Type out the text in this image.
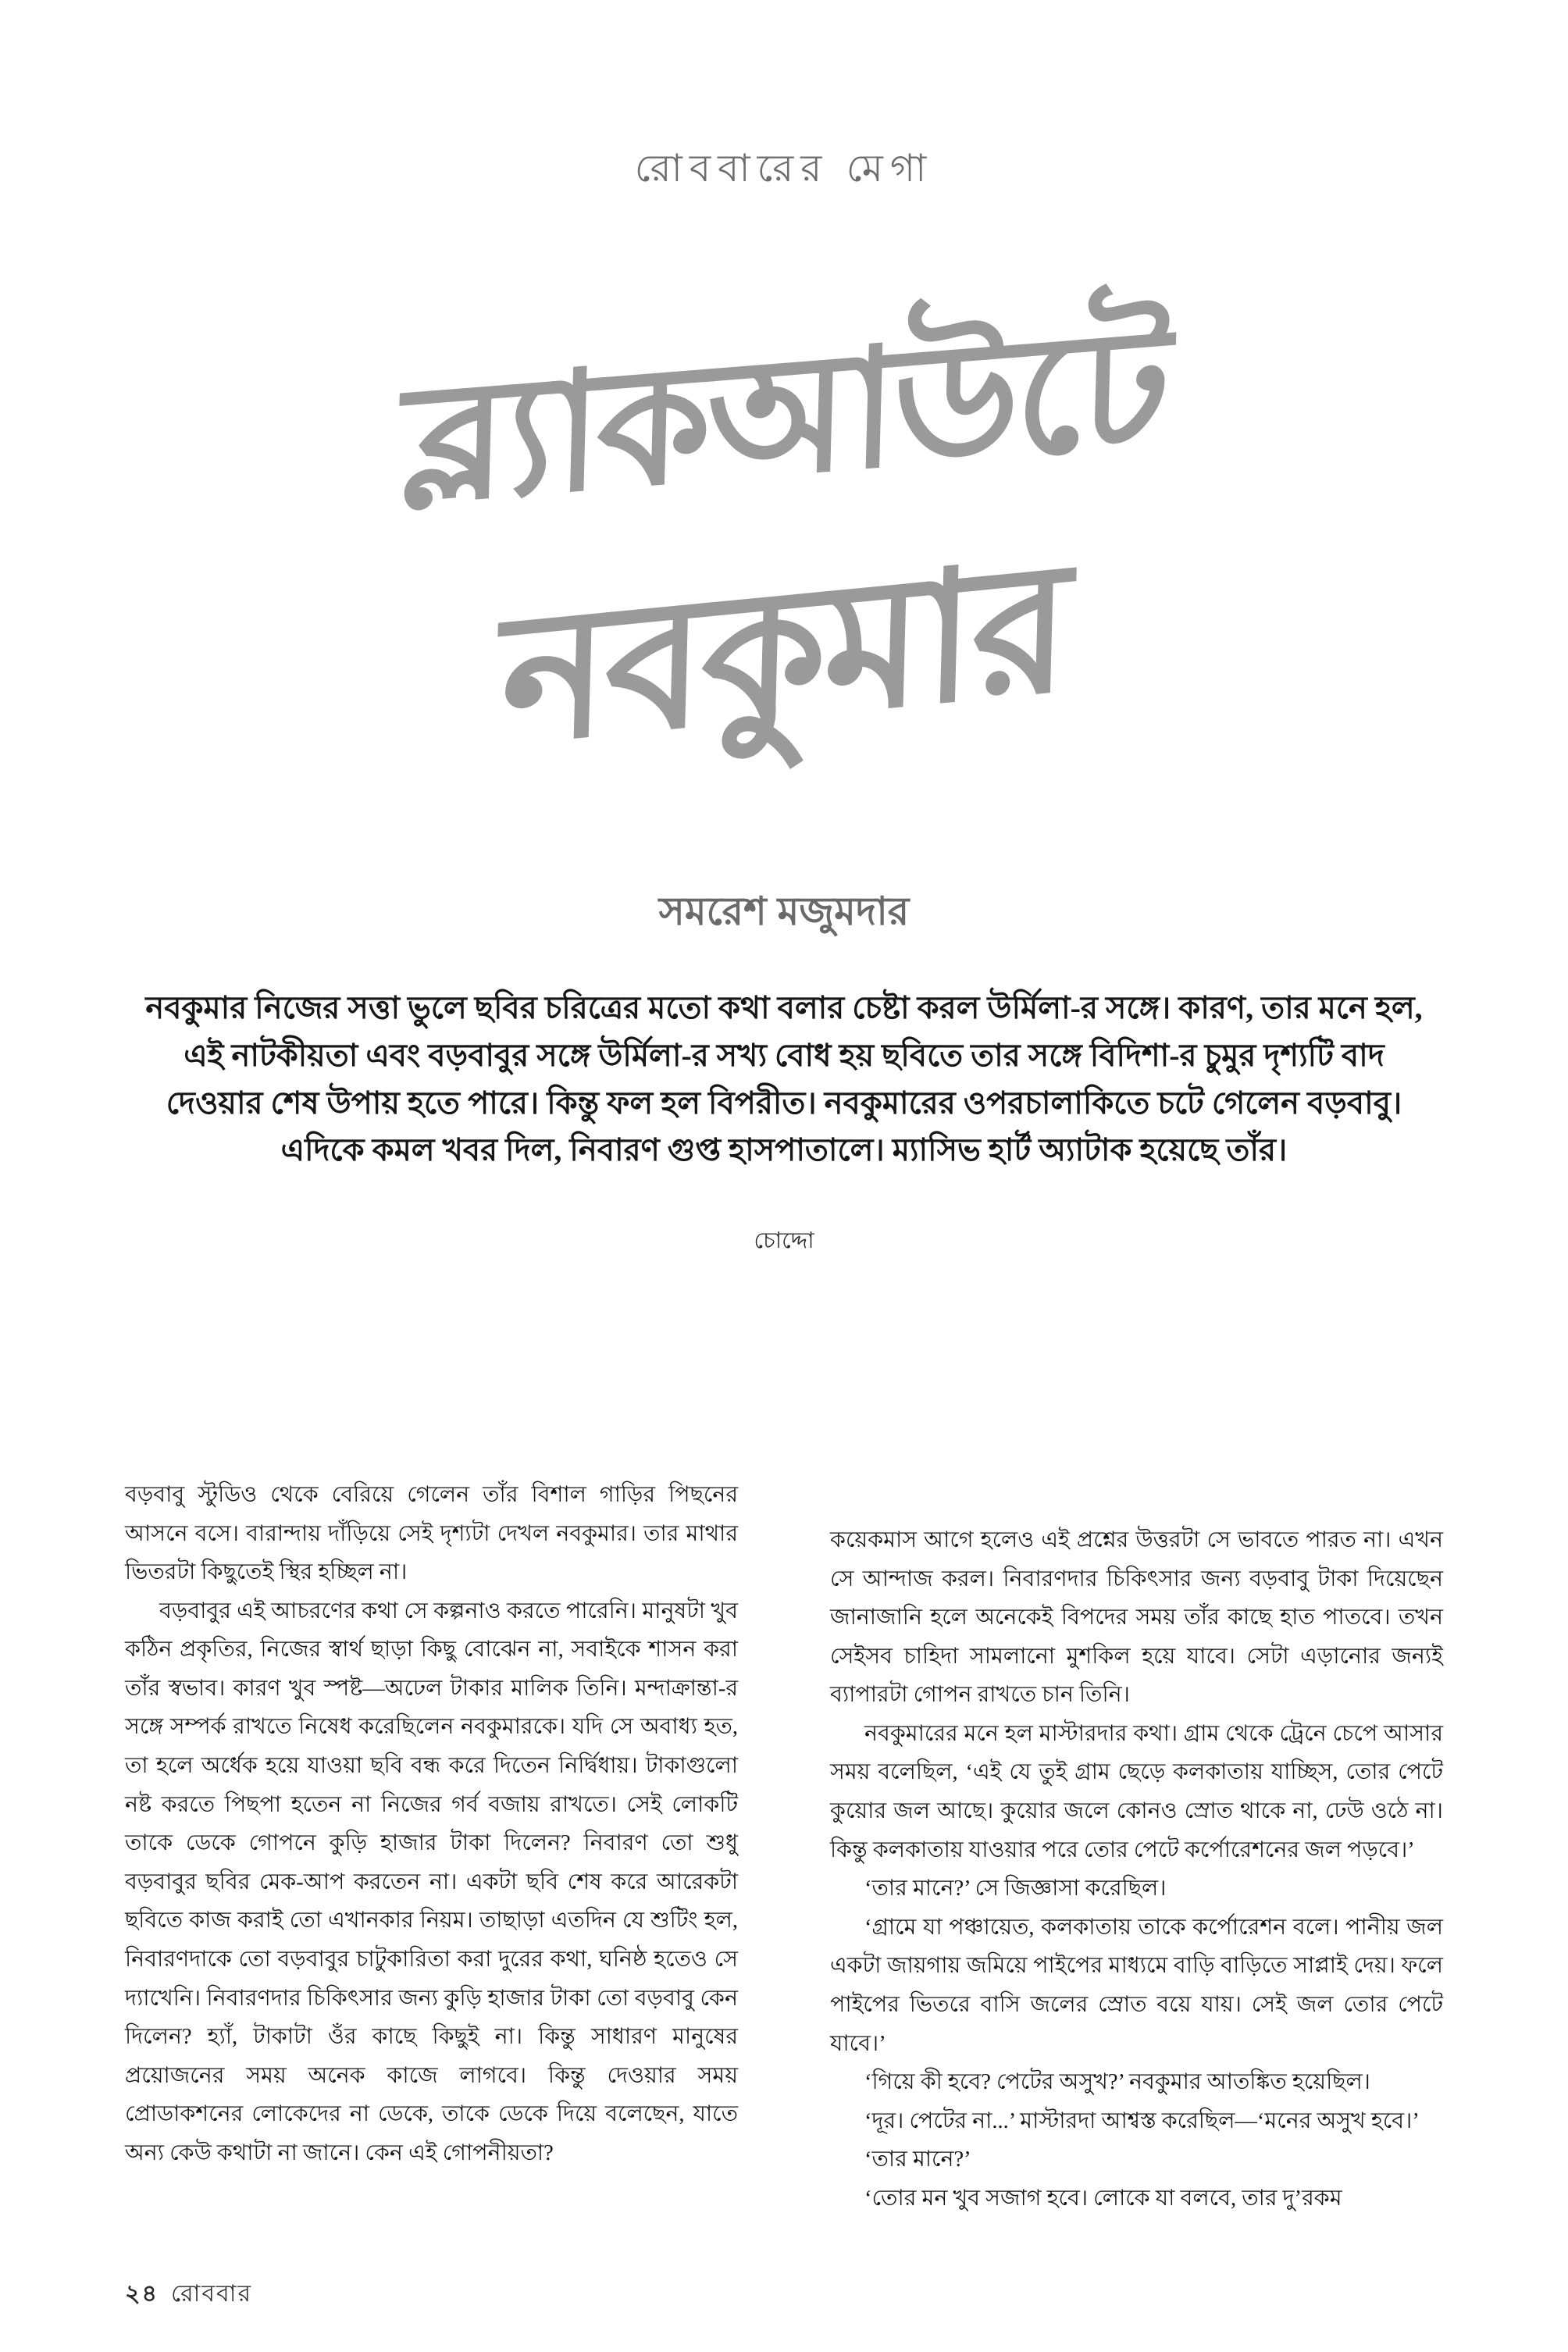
রোববারের মেগা
ব্ল্যাকআউটে
নবকুমার
সমরেশ মজুমদার
নবকুমার নিজের সত্তা ভুলে ছবির চরিত্রের মতো কথা বলার চেষ্টা করল উর্মিলা-র সঙ্গে। কারণ, তার মনে হল, এই নাটকীয়তা এবং বড়বাবুর সঙ্গে উর্মিলা-র সখ্য বোধ হয় ছবিতে তার সঙ্গে বিদিশা-র চুমুর দৃশ্যটি বাদ দেওয়ার শেষ উপায় হতে পারে। কিন্তু ফল হল বিপরীত। নবকুমারের ওপরচালাকিতে চটে গেলেন বড়বাবু। এদিকে কমল খবর দিল, নিবারণ গুপ্ত হাসপাতালে। ম্যাসিভ হার্ট অ্যাটাক হয়েছে তাঁর।
চোদ্দো

বড়বাবু স্টুডিও থেকে বেরিয়ে গেলেন তাঁর বিশাল গাড়ির পিছনের আসনে বসে। বারান্দায় দাঁড়িয়ে সেই দৃশ্যটা দেখল নবকুমার। তার মাথার ভিতরটা কিছুতেই স্থির হচ্ছিল না।

বড়বাবুর এই আচরণের কথা সে কল্পনাও করতে পারেনি। মানুষটা খুব কঠিন প্রকৃতির, নিজের স্বার্থ ছাড়া কিছু বোঝেন না, সবাইকে শাসন করা তাঁর স্বভাব। কারণ খুব স্পষ্ট—অঢেল টাকার মালিক তিনি। মন্দাক্রান্তা-র সঙ্গে সম্পর্ক রাখতে নিষেধ করেছিলেন নবকুমারকে। যদি সে অবাধ্য হত, তা হলে অর্ধেক হয়ে যাওয়া ছবি বন্ধ করে দিতেন নির্দ্বিধায়। টাকাগুলো নষ্ট করতে পিছপা হতেন না নিজের গর্ব বজায় রাখতে। সেই লোকটি তাকে ডেকে গোপনে কুড়ি হাজার টাকা দিলেন? নিবারণ তো শুধু বড়বাবুর ছবির মেক-আপ করতেন না। একটা ছবি শেষ করে আরেকটা ছবিতে কাজ করাই তো এখানকার নিয়ম। তাছাড়া এতদিন যে শুটিং হল, নিবারণদাকে তো বড়বাবুর চাটুকারিতা করা দুরের কথা, ঘনিষ্ঠ হতেও সে দ্যাখেনি। নিবারণদার চিকিৎসার জন্য কুড়ি হাজার টাকা তো বড়বাবু কেন দিলেন? হ্যাঁ, টাকাটা ওঁর কাছে কিছুই না। কিন্তু সাধারণ মানুষের প্রয়োজনের সময় অনেক কাজে লাগবে। কিন্তু দেওয়ার সময় প্রোডাকশনের লোকেদের না ডেকে, তাকে ডেকে দিয়ে বলেছেন, যাতে অন্য কেউ কথাটা না জানে। কেন এই গোপনীয়তা?

কয়েকমাস আগে হলেও এই প্রশ্নের উত্তরটা সে ভাবতে পারত না। এখন সে আন্দাজ করল। নিবারণদার চিকিৎসার জন্য বড়বাবু টাকা দিয়েছেন জানাজানি হলে অনেকেই বিপদের সময় তাঁর কাছে হাত পাতবে। তখন সেইসব চাহিদা সামলানো মুশকিল হয়ে যাবে। সেটা এড়ানোর জন্যই ব্যাপারটা গোপন রাখতে চান তিনি।

নবকুমারের মনে হল মাস্টারদার কথা। গ্রাম থেকে ট্রেনে চেপে আসার সময় বলেছিল, ‘এই যে তুই গ্রাম ছেড়ে কলকাতায় যাচ্ছিস, তোর পেটে কুয়োর জল আছে। কুয়োর জলে কোনও স্রোত থাকে না, ঢেউ ওঠে না। কিন্তু কলকাতায় যাওয়ার পরে তোর পেটে কর্পোরেশনের জল পড়বে।’

‘তার মানে?’ সে জিজ্ঞাসা করেছিল।

‘গ্রামে যা পঞ্চায়েত, কলকাতায় তাকে কর্পোরেশন বলে। পানীয় জল একটা জায়গায় জমিয়ে পাইপের মাধ্যমে বাড়ি বাড়িতে সাপ্লাই দেয়। ফলে পাইপের ভিতরে বাসি জলের স্রোত বয়ে যায়। সেই জল তোর পেটে যাবে।’

‘গিয়ে কী হবে? পেটের অসুখ?’ নবকুমার আতঙ্কিত হয়েছিল।

‘দূর। পেটের না...’ মাস্টারদা আশ্বস্ত করেছিল—‘মনের অসুখ হবে।’

‘তার মানে?’

‘তোর মন খুব সজাগ হবে। লোকে যা বলবে, তার দু’রকম

২৪ রোববার
